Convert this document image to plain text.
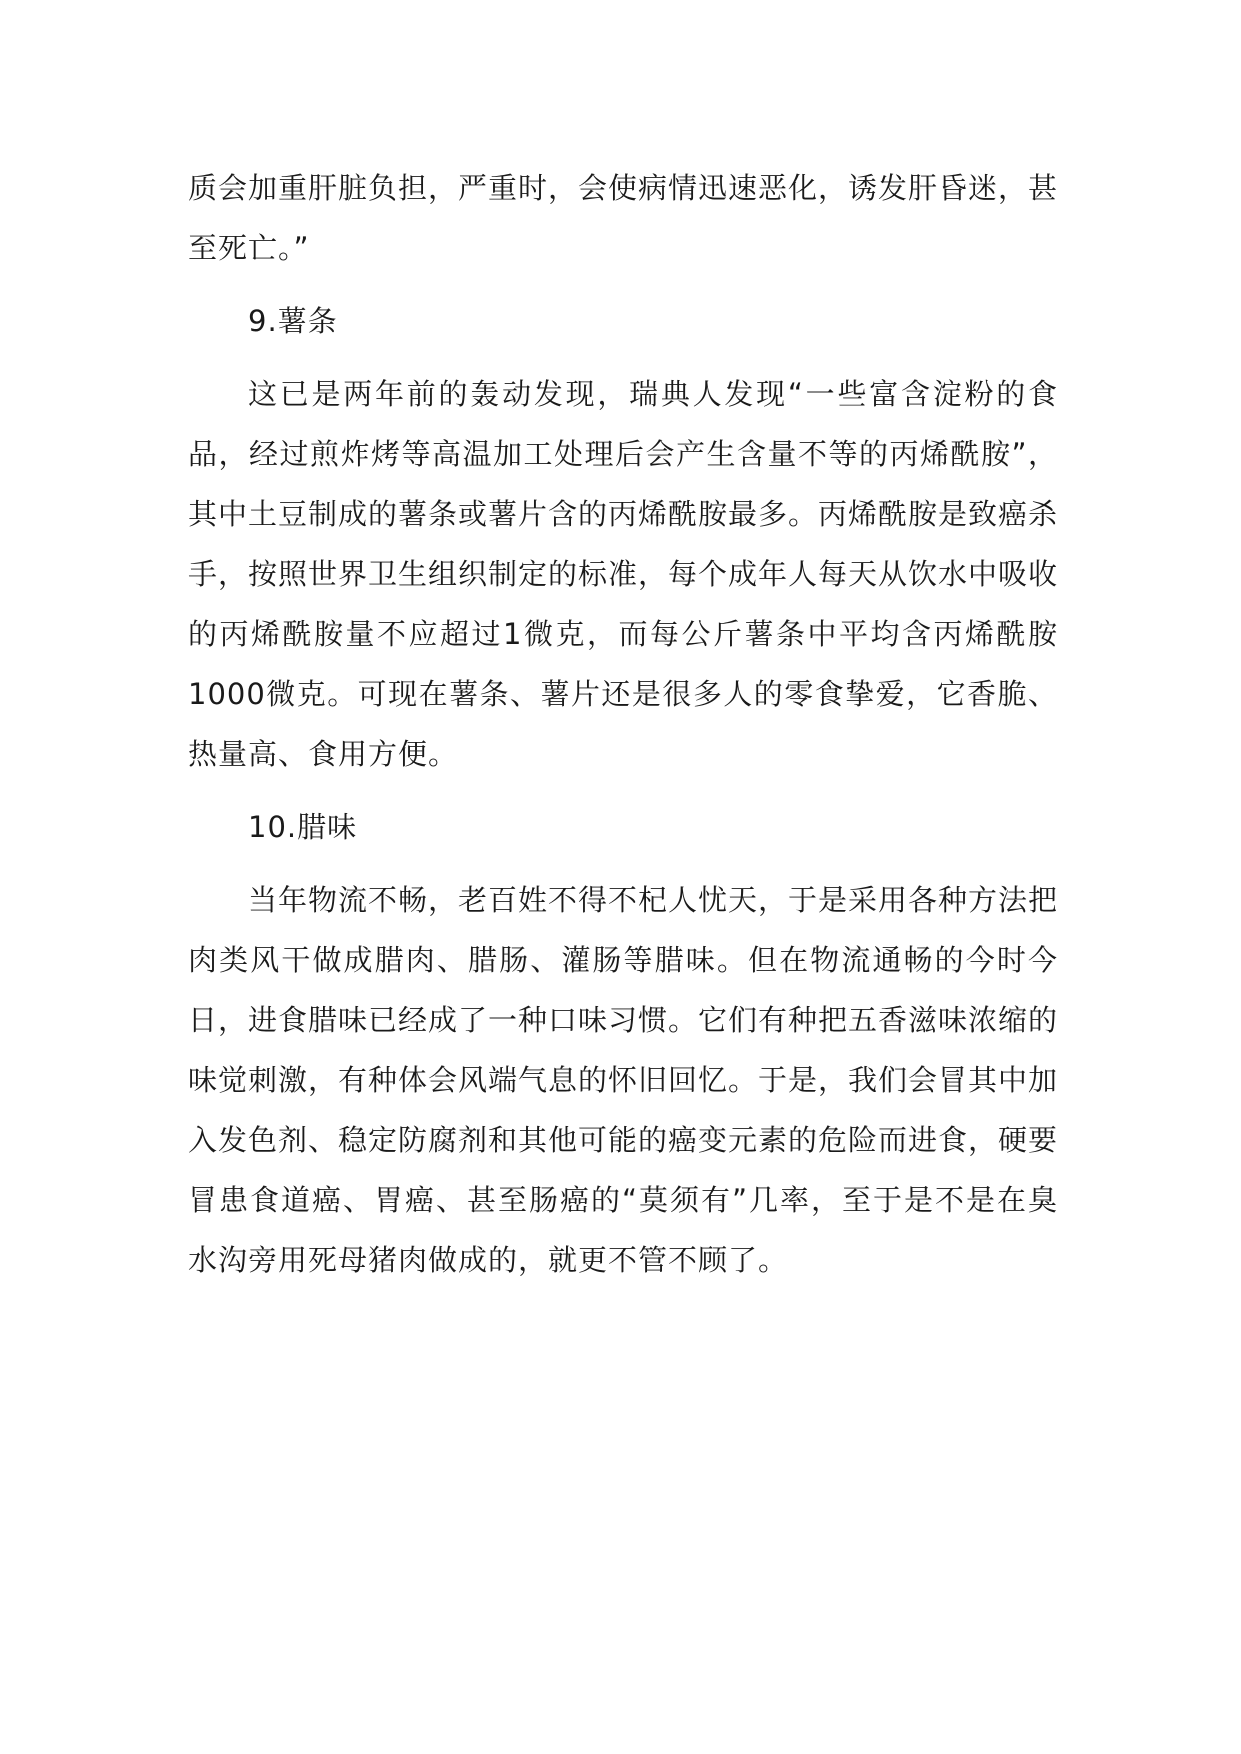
质会加重肝脏负担，严重时，会使病情迅速恶化，诱发肝昏迷，甚至死亡。”

9.薯条

这已是两年前的轰动发现，瑞典人发现“一些富含淀粉的食品，经过煎炸烤等高温加工处理后会产生含量不等的丙烯酰胺”，其中土豆制成的薯条或薯片含的丙烯酰胺最多。丙烯酰胺是致癌杀手，按照世界卫生组织制定的标准，每个成年人每天从饮水中吸收的丙烯酰胺量不应超过1微克，而每公斤薯条中平均含丙烯酰胺1000微克。可现在薯条、薯片还是很多人的零食挚爱，它香脆、热量高、食用方便。

10.腊味

当年物流不畅，老百姓不得不杞人忧天，于是采用各种方法把肉类风干做成腊肉、腊肠、灌肠等腊味。但在物流通畅的今时今日，进食腊味已经成了一种口味习惯。它们有种把五香滋味浓缩的味觉刺激，有种体会风端气息的怀旧回忆。于是，我们会冒其中加入发色剂、稳定防腐剂和其他可能的癌变元素的危险而进食，硬要冒患食道癌、胃癌、甚至肠癌的“莫须有”几率，至于是不是在臭水沟旁用死母猪肉做成的，就更不管不顾了。
